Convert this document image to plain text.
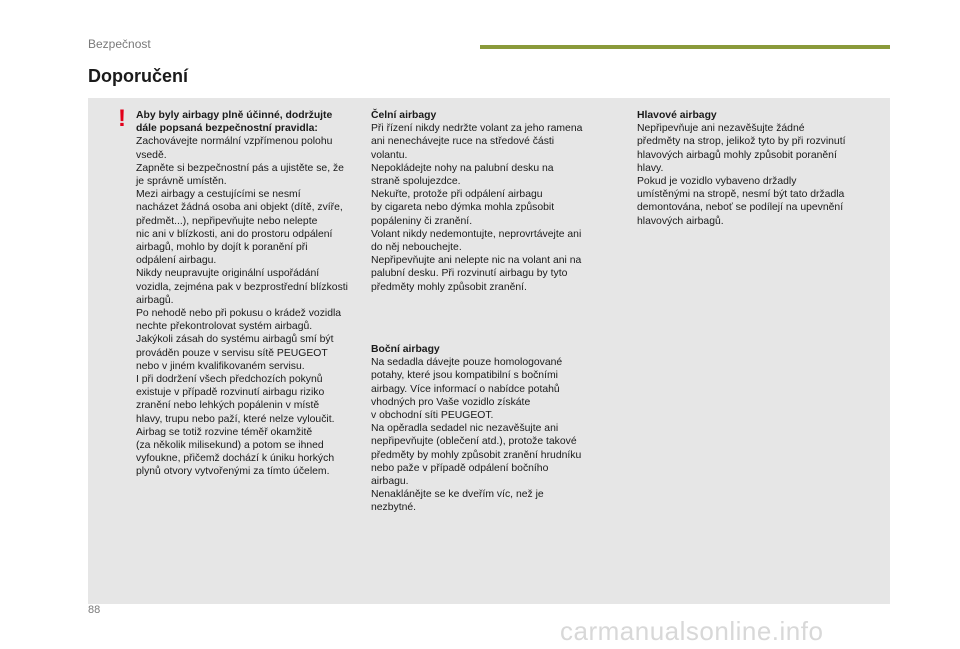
Bezpečnost
Doporučení
! Aby byly airbagy plně účinné, dodržujte
dále popsaná bezpečnostní pravidla:
Zachovávejte normální vzpřímenou polohu
vsedě.
Zapněte si bezpečnostní pás a ujistěte se, že
je správně umístěn.
Mezi airbagy a cestujícími se nesmí
nacházet žádná osoba ani objekt (dítě, zvíře,
předmět...), nepřipevňujte nebo nelepte
nic ani v blízkosti, ani do prostoru odpálení
airbagů, mohlo by dojít k poranění při
odpálení airbagu.
Nikdy neupravujte originální uspořádání
vozidla, zejména pak v bezprostřední blízkosti
airbagů.
Po nehodě nebo při pokusu o krádež vozidla
nechte překontrolovat systém airbagů.
Jakýkoli zásah do systému airbagů smí být
prováděn pouze v servisu sítě PEUGEOT
nebo v jiném kvalifikovaném servisu.
I při dodržení všech předchozích pokynů
existuje v případě rozvinutí airbagu riziko
zranění nebo lehkých popálenin v místě
hlavy, trupu nebo paží, které nelze vyloučit.
Airbag se totiž rozvine téměř okamžitě
(za několik milisekund) a potom se ihned
vyfoukne, přičemž dochází k úniku horkých
plynů otvory vytvořenými za tímto účelem.
Čelní airbagy
Při řízení nikdy nedržte volant za jeho ramena
ani nenechávejte ruce na středové části
volantu.
Nepokládejte nohy na palubní desku na
straně spolujezdce.
Nekuřte, protože při odpálení airbagu
by cigareta nebo dýmka mohla způsobit
popáleniny či zranění.
Volant nikdy nedemontujte, neprovrtávejte ani
do něj neboucheјte.
Nepřipevňujte ani nelepte nic na volant ani na
palubní desku. Při rozvinutí airbagu by tyto
předměty mohly způsobit zranění.
Boční airbagy
Na sedadla dávejte pouze homologované
potahy, které jsou kompatibilní s bočními
airbagy. Více informací o nabídce potahů
vhodných pro Vaše vozidlo získáte
v obchodní síti PEUGEOT.
Na opěradla sedadel nic nezavěšujte ani
nepřipevňujte (oblečení atd.), protože takové
předměty by mohly způsobit zranění hrudníku
nebo paže v případě odpálení bočního
airbagu.
Nenaklánějte se ke dveřím víc, než je
nezbytné.
Hlavové airbagy
Nepřipevňuje ani nezavěšujte žádné
předměty na strop, jelikož tyto by při rozvinutí
hlavových airbagů mohly způsobit poranění
hlavy.
Pokud je vozidlo vybaveno držadly
umístěnými na stropě, nesmí být tato držadla
demontována, neboť se podílejí na upevnění
hlavových airbagů.
88
carmanualsonline.info
